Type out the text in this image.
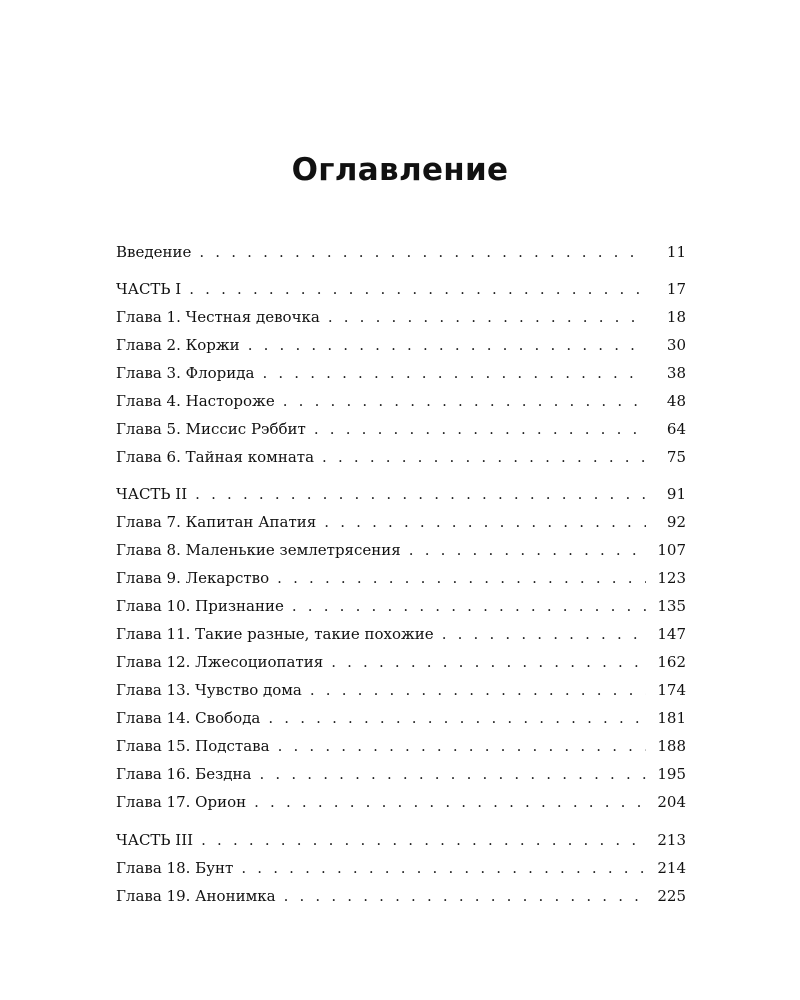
Оглавление
Введение . . .	11
ЧАСТЬ I . . .	17
Глава 1. Честная девочка . . .	18
Глава 2. Коржи . . .	30
Глава 3. Флорида . . .	38
Глава 4. Настороже . . .	48
Глава 5. Миссис Рэббит . . .	64
Глава 6. Тайная комната . . .	75
ЧАСТЬ II . . .	91
Глава 7. Капитан Апатия . . .	92
Глава 8. Маленькие землетрясения . . .	107
Глава 9. Лекарство . . .	123
Глава 10. Признание . . .	135
Глава 11. Такие разные, такие похожие . . .	147
Глава 12. Лжесоциопатия . . .	162
Глава 13. Чувство дома . . .	174
Глава 14. Свобода . . .	181
Глава 15. Подстава . . .	188
Глава 16. Бездна . . .	195
Глава 17. Орион . . .	204
ЧАСТЬ III . . .	213
Глава 18. Бунт . . .	214
Глава 19. Анонимка . . .	225
